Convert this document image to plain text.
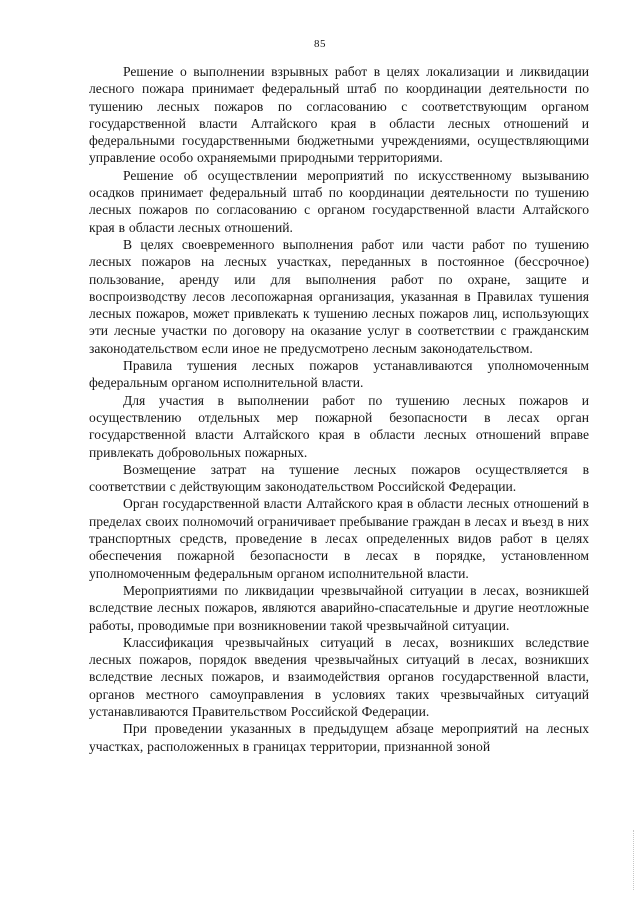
85

Решение о выполнении взрывных работ в целях локализации и ликвидации лесного пожара принимает федеральный штаб по координации деятельности по тушению лесных пожаров по согласованию с соответствующим органом государственной власти Алтайского края в области лесных отношений и федеральными государственными бюджетными учреждениями, осуществляющими управление особо охраняемыми природными территориями.

Решение об осуществлении мероприятий по искусственному вызыванию осадков принимает федеральный штаб по координации деятельности по тушению лесных пожаров по согласованию с органом государственной власти Алтайского края в области лесных отношений.

В целях своевременного выполнения работ или части работ по тушению лесных пожаров на лесных участках, переданных в постоянное (бессрочное) пользование, аренду или для выполнения работ по охране, защите и воспроизводству лесов лесопожарная организация, указанная в Правилах тушения лесных пожаров, может привлекать к тушению лесных пожаров лиц, использующих эти лесные участки по договору на оказание услуг в соответствии с гражданским законодательством если иное не предусмотрено лесным законодательством.

Правила тушения лесных пожаров устанавливаются уполномоченным федеральным органом исполнительной власти.

Для участия в выполнении работ по тушению лесных пожаров и осуществлению отдельных мер пожарной безопасности в лесах орган государственной власти Алтайского края в области лесных отношений вправе привлекать добровольных пожарных.

Возмещение затрат на тушение лесных пожаров осуществляется в соответствии с действующим законодательством Российской Федерации.

Орган государственной власти Алтайского края в области лесных отношений в пределах своих полномочий ограничивает пребывание граждан в лесах и въезд в них транспортных средств, проведение в лесах определенных видов работ в целях обеспечения пожарной безопасности в лесах в порядке, установленном уполномоченным федеральным органом исполнительной власти.

Мероприятиями по ликвидации чрезвычайной ситуации в лесах, возникшей вследствие лесных пожаров, являются аварийно-спасательные и другие неотложные работы, проводимые при возникновении такой чрезвычайной ситуации.

Классификация чрезвычайных ситуаций в лесах, возникших вследствие лесных пожаров, порядок введения чрезвычайных ситуаций в лесах, возникших вследствие лесных пожаров, и взаимодействия органов государственной власти, органов местного самоуправления в условиях таких чрезвычайных ситуаций устанавливаются Правительством Российской Федерации.

При проведении указанных в предыдущем абзаце мероприятий на лесных участках, расположенных в границах территории, признанной зоной
